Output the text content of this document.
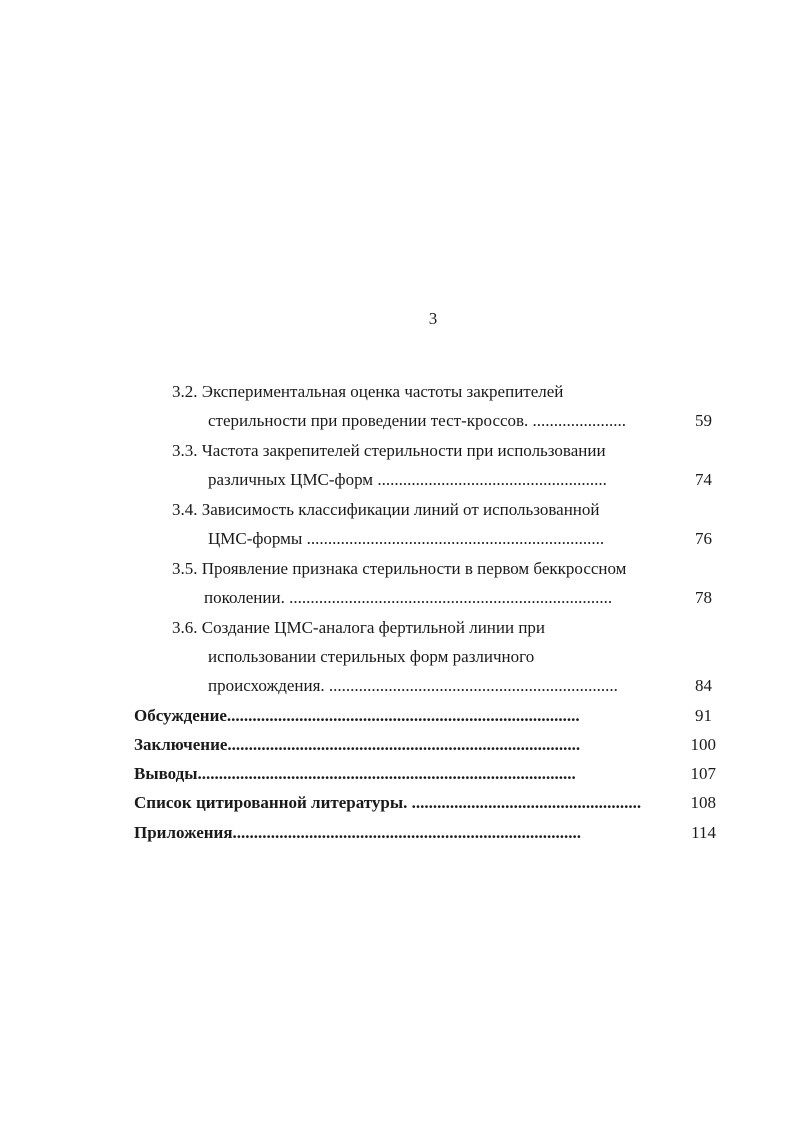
3
3.2. Экспериментальная оценка частоты закрепителей
стерильности при проведении тест-кроссов. ......................	59
3.3. Частота закрепителей стерильности при использовании
различных ЦМС-форм ......................................................	74
3.4. Зависимость классификации линий от использованной
ЦМС-формы ......................................................................	76
3.5. Проявление признака стерильности в первом беккроссном
поколении. ............................................................................	78
3.6. Создание ЦМС-аналога фертильной линии при
использовании стерильных форм различного
происхождения. ....................................................................	84
Обсуждение...................................................................................	91
Заключение...................................................................................	100
Выводы.........................................................................................	107
Список цитированной литературы. ......................................................	108
Приложения..................................................................................	114
